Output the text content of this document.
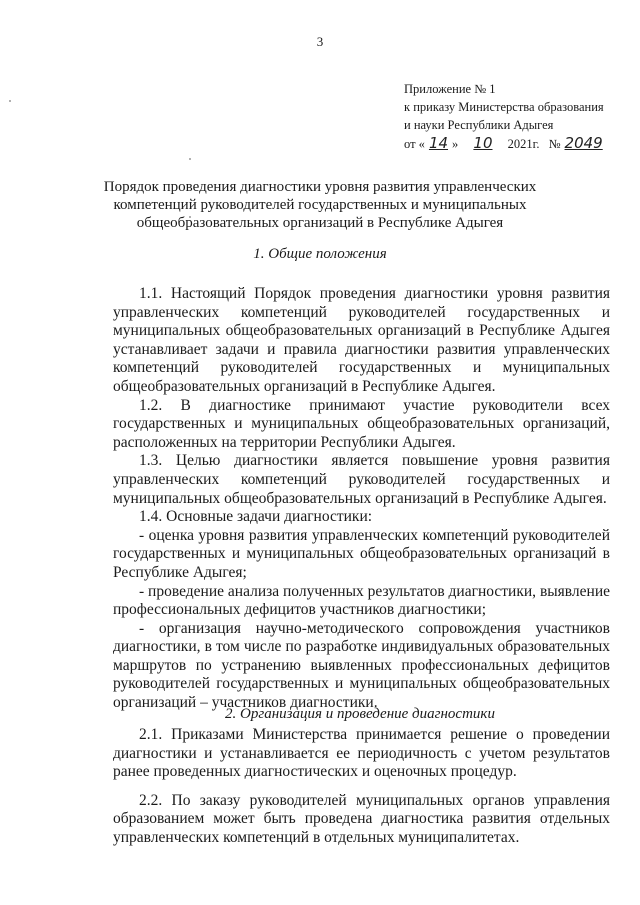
3
Приложение № 1
к приказу Министерства образования
и науки Республики Адыгея
от « 14 » 10 2021г. № 2049
Порядок проведения диагностики уровня развития управленческих компетенций руководителей государственных и муниципальных общеобразовательных организаций в Республике Адыгея
1. Общие положения

1.1. Настоящий Порядок проведения диагностики уровня развития управленческих компетенций руководителей государственных и муниципальных общеобразовательных организаций в Республике Адыгея устанавливает задачи и правила диагностики развития управленческих компетенций руководителей государственных и муниципальных общеобразовательных организаций в Республике Адыгея.

1.2. В диагностике принимают участие руководители всех государственных и муниципальных общеобразовательных организаций, расположенных на территории Республики Адыгея.

1.3. Целью диагностики является повышение уровня развития управленческих компетенций руководителей государственных и муниципальных общеобразовательных организаций в Республике Адыгея.

1.4. Основные задачи диагностики:

- оценка уровня развития управленческих компетенций руководителей государственных и муниципальных общеобразовательных организаций в Республике Адыгея;

- проведение анализа полученных результатов диагностики, выявление профессиональных дефицитов участников диагностики;

- организация научно-методического сопровождения участников диагностики, в том числе по разработке индивидуальных образовательных маршрутов по устранению выявленных профессиональных дефицитов руководителей государственных и муниципальных общеобразовательных организаций – участников диагностики.

2. Организация и проведение диагностики

2.1. Приказами Министерства принимается решение о проведении диагностики и устанавливается ее периодичность с учетом результатов ранее проведенных диагностических и оценочных процедур.

2.2. По заказу руководителей муниципальных органов управления образованием может быть проведена диагностика развития отдельных управленческих компетенций в отдельных муниципалитетах.
